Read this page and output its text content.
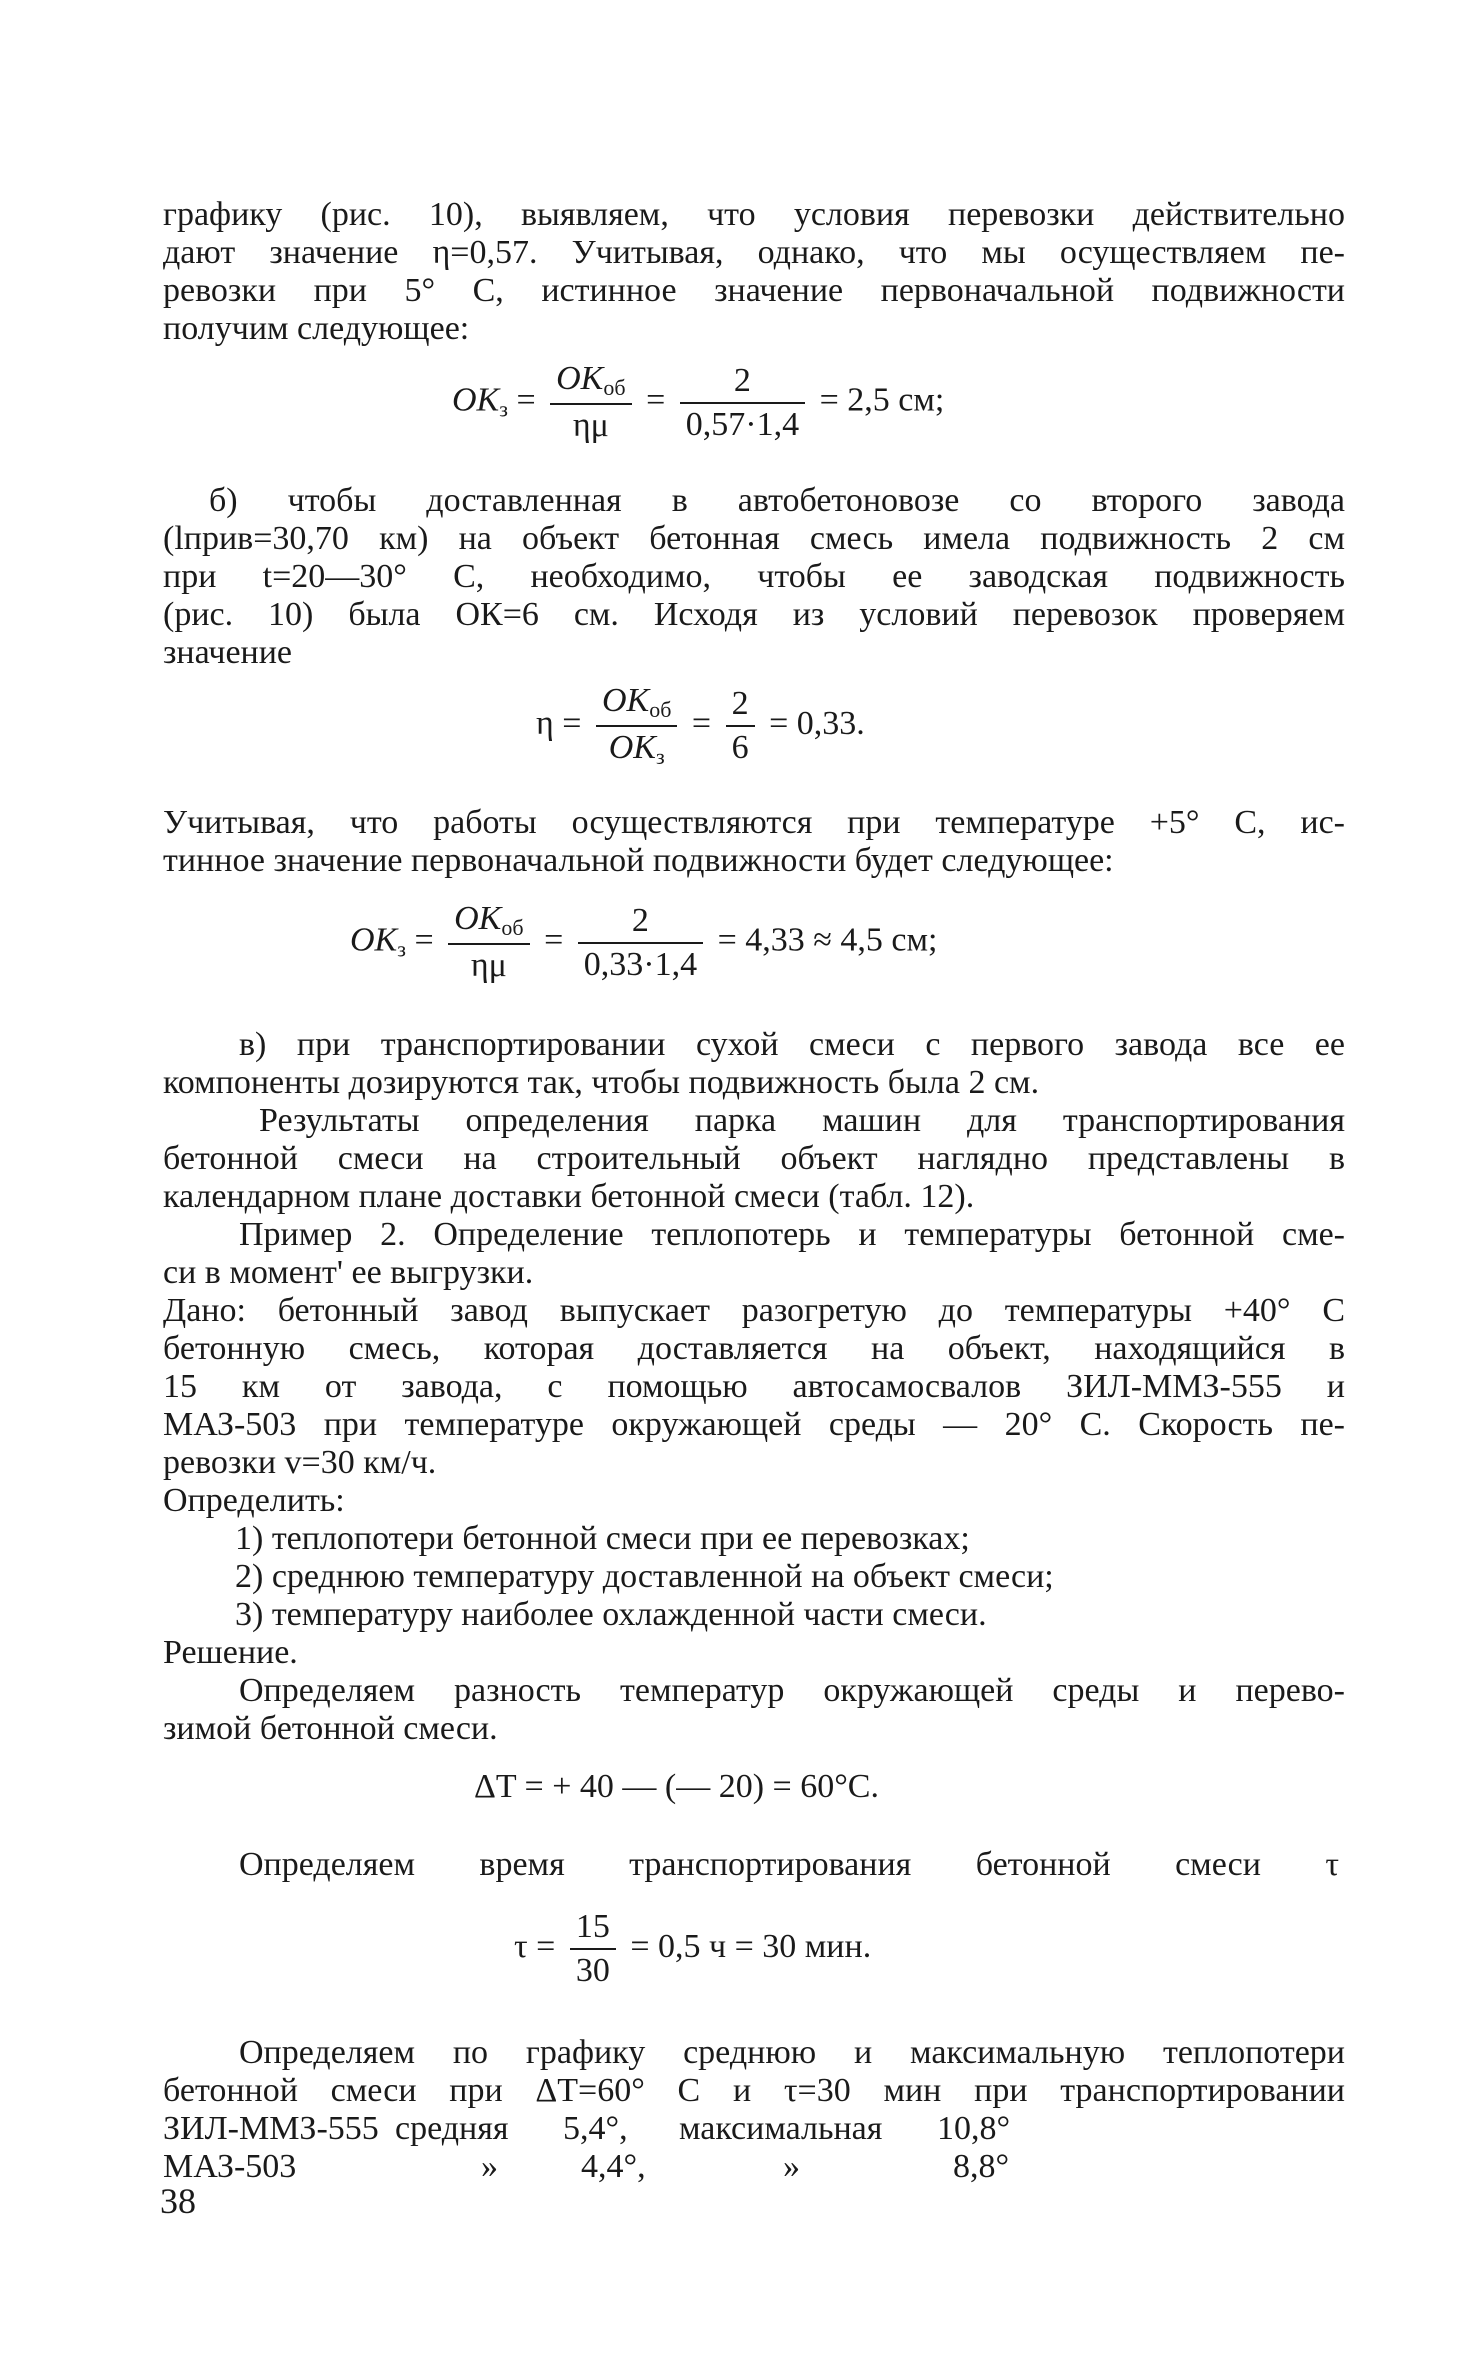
графику (рис. 10), выявляем, что условия перевозки действительно
дают значение η=0,57. Учитывая, однако, что мы осуществляем пе-
ревозки при 5° С, истинное значение первоначальной подвижности
получим следующее:
$OK_з = \frac{OK_{об}}{\eta\mu} = \frac{2}{0,57\cdot 1,4} = 2,5$ см;
б) чтобы доставленная в автобетоновозе со второго завода
(lприв=30,70 км) на объект бетонная смесь имела подвижность 2 см
при t=20—30° С, необходимо, чтобы ее заводская подвижность
(рис. 10) была ОК=6 см. Исходя из условий перевозок проверяем
значение
$\eta = \frac{OK_{об}}{OK_з} = \frac{2}{6} = 0,33$.
Учитывая, что работы осуществляются при температуре +5° С, ис-
тинное значение первоначальной подвижности будет следующее:
$OK_з = \frac{OK_{об}}{\eta\mu} = \frac{2}{0,33\cdot 1,4} = 4,33 \approx 4,5$ см;
в) при транспортировании сухой смеси с первого завода все ее
компоненты дозируются так, чтобы подвижность была 2 см.
Результаты определения парка машин для транспортирования
бетонной смеси на строительный объект наглядно представлены в
календарном плане доставки бетонной смеси (табл. 12).
Пример 2. Определение теплопотерь и температуры бетонной сме-
си в момент' ее выгрузки.
Дано: бетонный завод выпускает разогретую до температуры +40° С
бетонную смесь, которая доставляется на объект, находящийся в
15 км от завода, с помощью автосамосвалов ЗИЛ-ММЗ-555 и
МАЗ-503 при температуре окружающей среды — 20° С. Скорость пе-
ревозки v=30 км/ч.
Определить:
1) теплопотери бетонной смеси при ее перевозках;
2) среднюю температуру доставленной на объект смеси;
3) температуру наиболее охлажденной части смеси.
Решение.
Определяем разность температур окружающей среды и перево-
зимой бетонной смеси.
ΔT = + 40 — (— 20) = 60°С.
Определяем время транспортирования бетонной смеси τ
$\tau = \frac{15}{30} = 0,5$ ч = 30 мин.
Определяем по графику среднюю и максимальную теплопотери
бетонной смеси при ΔT=60° С и τ=30 мин при транспортировании
ЗИЛ-ММЗ-555 средняя 5,4°, максимальная 10,8°
МАЗ-503	» 4,4°,	»	8,8°
38
